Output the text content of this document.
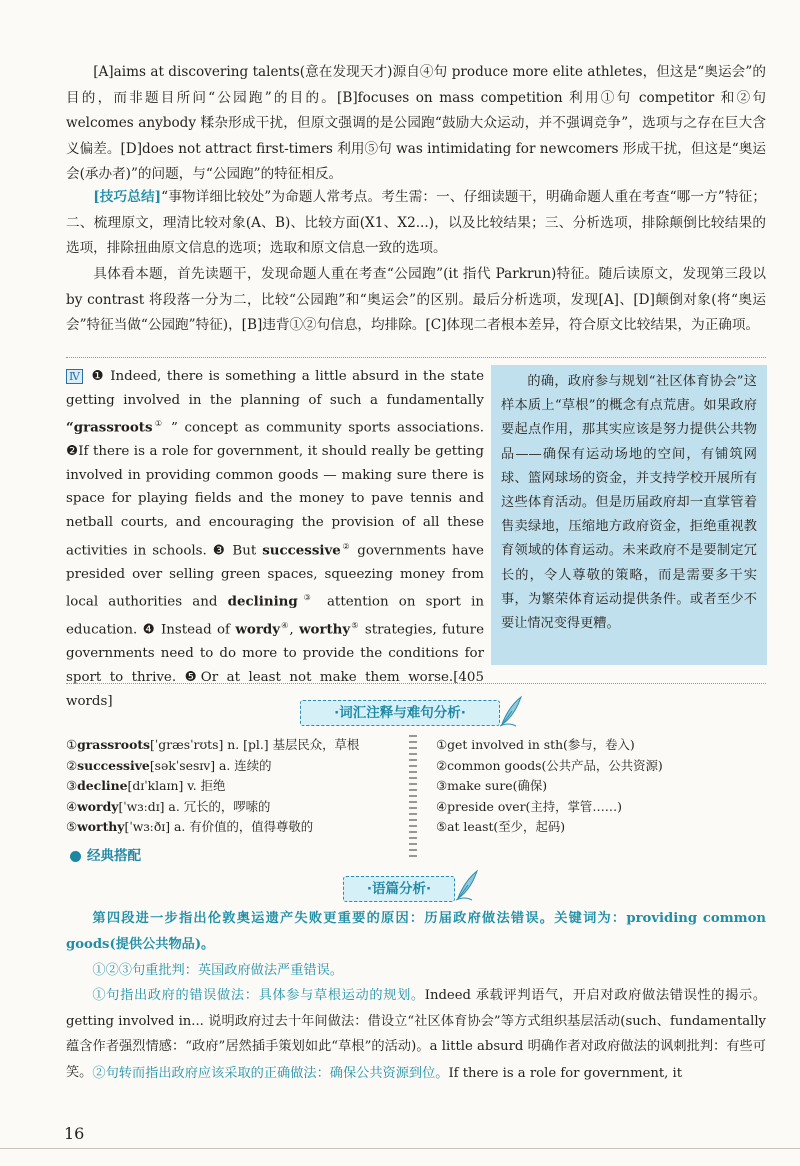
[A]aims at discovering talents(意在发现天才)源自④句 produce more elite athletes，但这是“奥运会”的目的，而非题目所问“公园跑”的目的。[B]focuses on mass competition 利用①句 competitor 和②句 welcomes anybody 糅杂形成干扰，但原文强调的是公园跑“鼓励大众运动，并不强调竞争”，选项与之存在巨大含义偏差。[D]does not attract first-timers 利用⑤句 was intimidating for newcomers 形成干扰，但这是“奥运会(承办者)”的问题，与“公园跑”的特征相反。
[技巧总结]“事物详细比较处”为命题人常考点。考生需：一、仔细读题干，明确命题人重在考查“哪一方”特征；二、梳理原文，理清比较对象(A、B)、比较方面(X1、X2...)，以及比较结果；三、分析选项，排除颠倒比较结果的选项，排除扭曲原文信息的选项；选取和原文信息一致的选项。
具体看本题，首先读题干，发现命题人重在考查“公园跑”(it 指代 Parkrun)特征。随后读原文，发现第三段以 by contrast 将段落一分为二，比较“公园跑”和“奥运会”的区别。最后分析选项，发现[A]、[D]颠倒对象(将“奥运会”特征当做“公园跑”特征)，[B]违背①②句信息，均排除。[C]体现二者根本差异，符合原文比较结果，为正确项。
Ⅳ ❶ Indeed, there is something a little absurd in the state getting involved in the planning of such a fundamentally “grassroots① ” concept as community sports associations. ❷If there is a role for government, it should really be getting involved in providing common goods — making sure there is space for playing fields and the money to pave tennis and netball courts, and encouraging the provision of all these activities in schools. ❸ But successive② governments have presided over selling green spaces, squeezing money from local authorities and declining③ attention on sport in education. ❹ Instead of wordy④, worthy⑤ strategies, future governments need to do more to provide the conditions for sport to thrive. ❺Or at least not make them worse.[405 words]
的确，政府参与规划“社区体育协会”这样本质上“草根”的概念有点荒唐。如果政府要起点作用，那其实应该是努力提供公共物品——确保有运动场地的空间，有铺筑网球、篮网球场的资金，并支持学校开展所有这些体育活动。但是历届政府却一直掌管着售卖绿地，压缩地方政府资金，拒绝重视教育领域的体育运动。未来政府不是要制定冗长的，令人尊敬的策略，而是需要多干实事，为繁荣体育运动提供条件。或者至少不要让情况变得更糟。
·词汇注释与难句分析·
①grassroots[ˈgræsˈrʊts] n. [pl.] 基层民众，草根
②successive[səkˈsesɪv] a. 连续的
③decline[dɪˈklaɪn] v. 拒绝
④wordy[ˈwɜːdɪ] a. 冗长的，啰嗦的
⑤worthy[ˈwɜːðɪ] a. 有价值的，值得尊敬的
①get involved in sth(参与，卷入)
②common goods(公共产品，公共资源)
③make sure(确保)
④preside over(主持，掌管……)
⑤at least(至少，起码)
经典搭配
·语篇分析·
第四段进一步指出伦敦奥运遗产失败更重要的原因：历届政府做法错误。关键词为：providing common goods(提供公共物品)。
①②③句重批判：英国政府做法严重错误。
①句指出政府的错误做法：具体参与草根运动的规划。Indeed 承载评判语气，开启对政府做法错误性的揭示。getting involved in... 说明政府过去十年间做法：借设立“社区体育协会”等方式组织基层活动(such、fundamentally 蕴含作者强烈情感：“政府”居然插手策划如此“草根”的活动)。a little absurd 明确作者对政府做法的讽刺批判：有些可笑。 ②句转而指出政府应该采取的正确做法：确保公共资源到位。If there is a role for government, it
16
